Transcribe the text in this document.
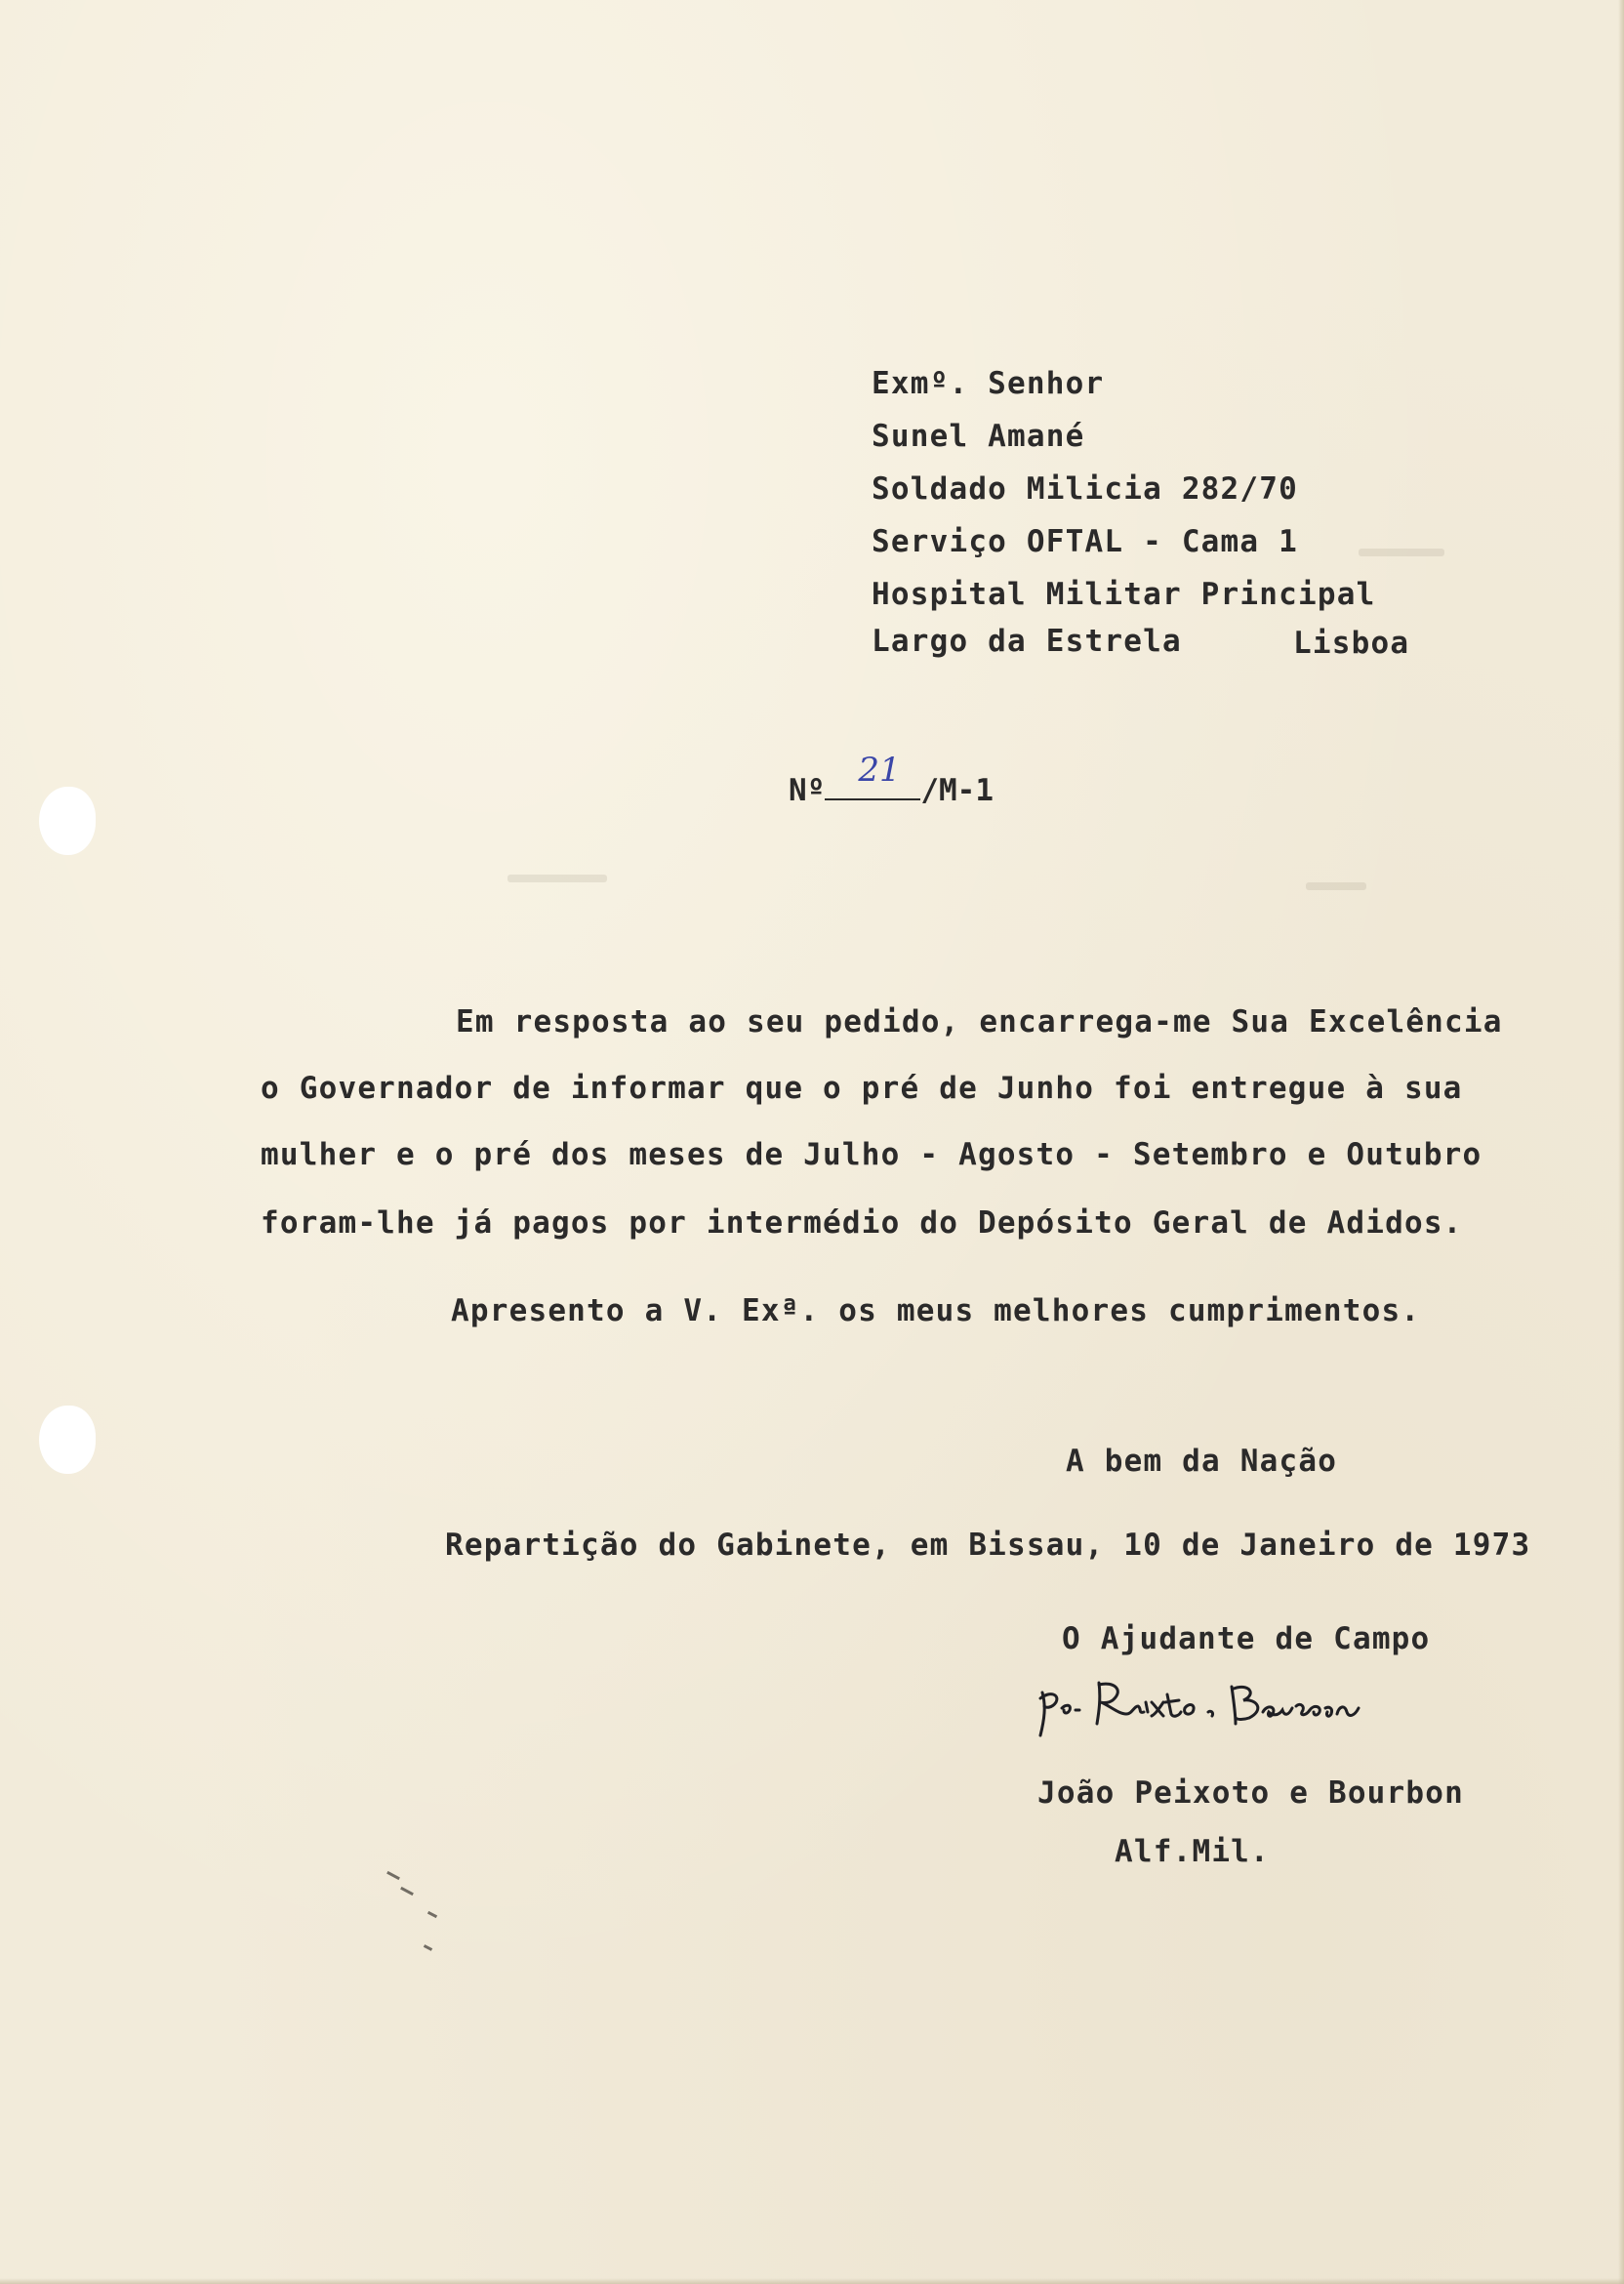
Exmº. Senhor
Sunel Amané
Soldado Milicia 282/70
Serviço OFTAL - Cama 1
Hospital Militar Principal
Largo da Estrela	Lisboa
Nº
21
/M-1
Em resposta ao seu pedido, encarrega-me Sua Excelência
o Governador de informar que o pré de Junho foi entregue à sua
mulher e o pré dos meses de Julho - Agosto - Setembro e Outubro
foram-lhe já pagos por intermédio do Depósito Geral de Adidos.
Apresento a V. Exª. os meus melhores cumprimentos.
A bem da Nação
Repartição do Gabinete, em Bissau, 10 de Janeiro de 1973
O Ajudante de Campo
João Peixoto e Bourbon
Alf.Mil.
